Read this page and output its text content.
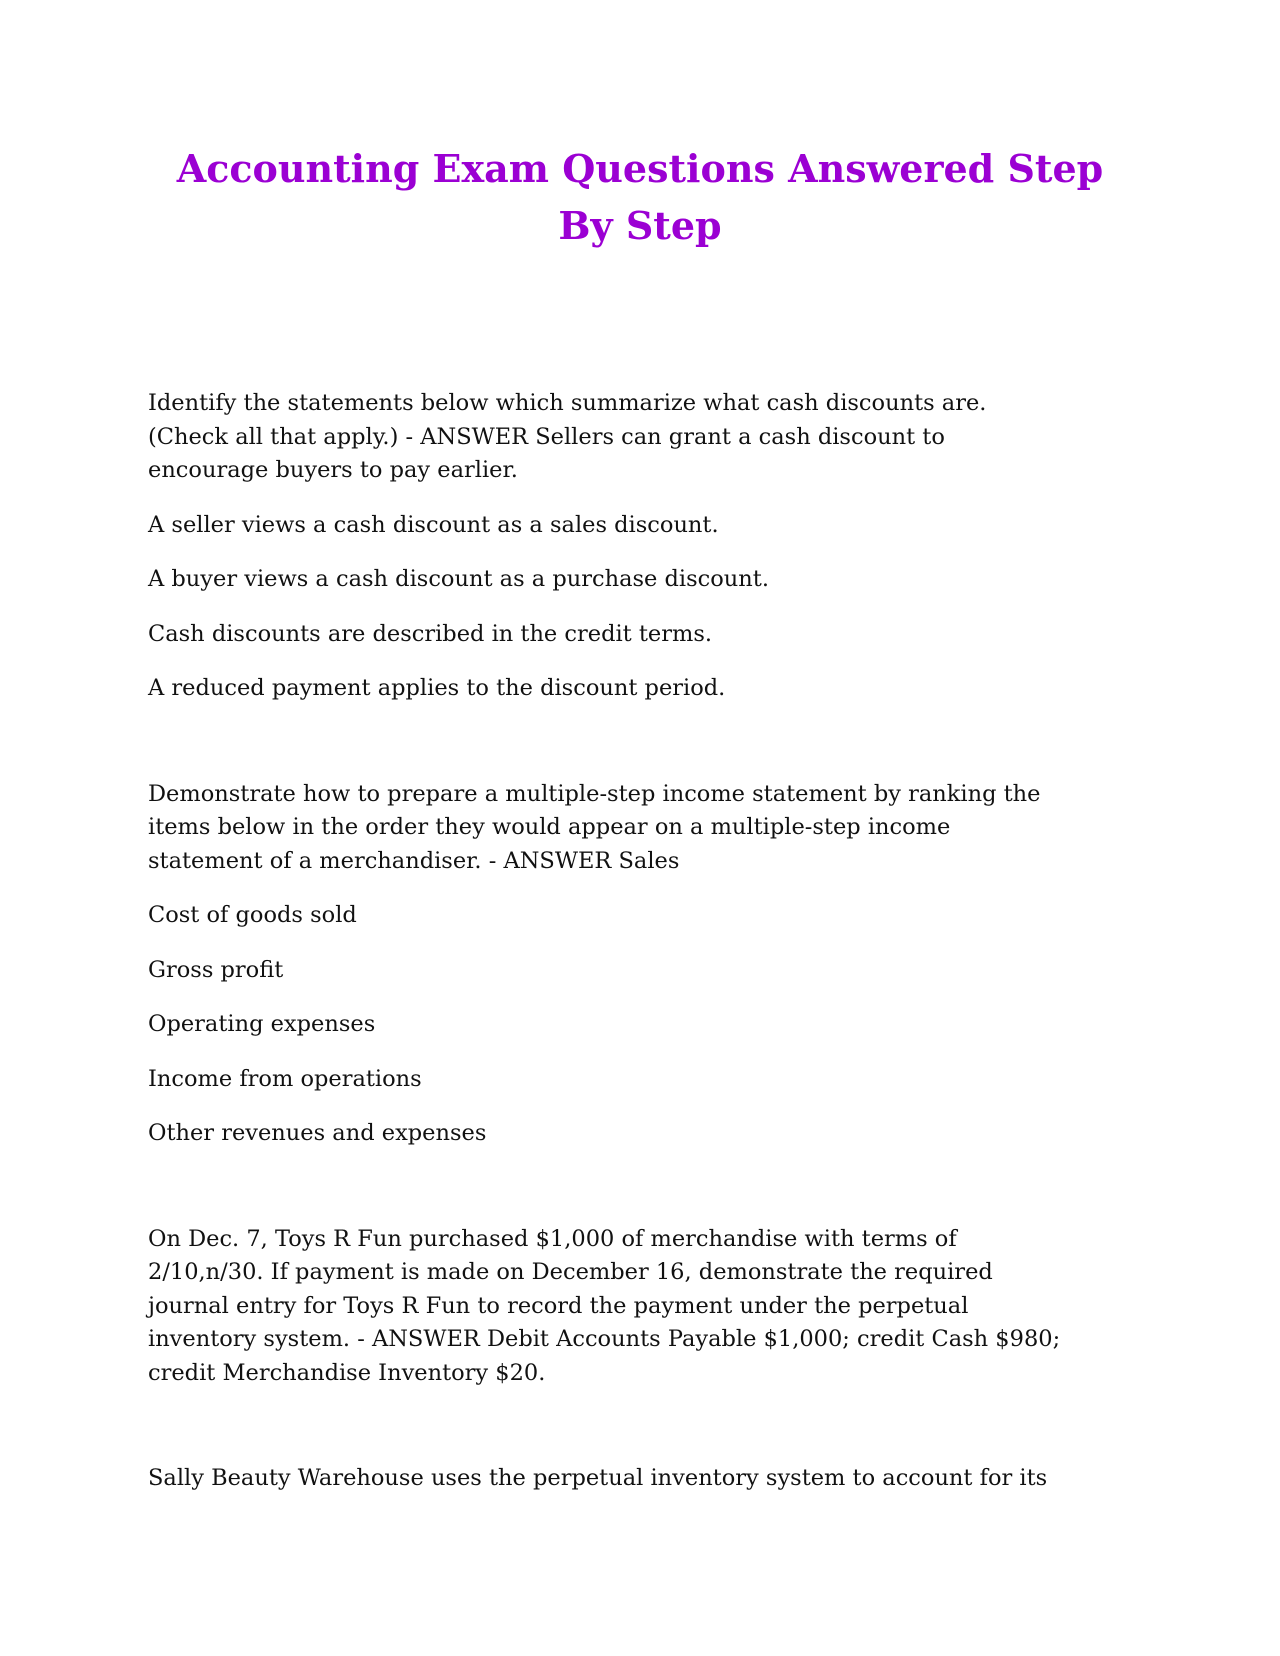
Accounting Exam Questions Answered Step
By Step

Identify the statements below which summarize what cash discounts are.

(Check all that apply.) - ANSWER Sellers can grant a cash discount to

encourage buyers to pay earlier.

A seller views a cash discount as a sales discount.

A buyer views a cash discount as a purchase discount.

Cash discounts are described in the credit terms.

A reduced payment applies to the discount period.

Demonstrate how to prepare a multiple-step income statement by ranking the

items below in the order they would appear on a multiple-step income

statement of a merchandiser. - ANSWER Sales

Cost of goods sold

Gross profit

Operating expenses

Income from operations

Other revenues and expenses

On Dec. 7, Toys R Fun purchased $1,000 of merchandise with terms of

2/10,n/30. If payment is made on December 16, demonstrate the required

journal entry for Toys R Fun to record the payment under the perpetual

inventory system. - ANSWER Debit Accounts Payable $1,000; credit Cash $980;

credit Merchandise Inventory $20.

Sally Beauty Warehouse uses the perpetual inventory system to account for its
